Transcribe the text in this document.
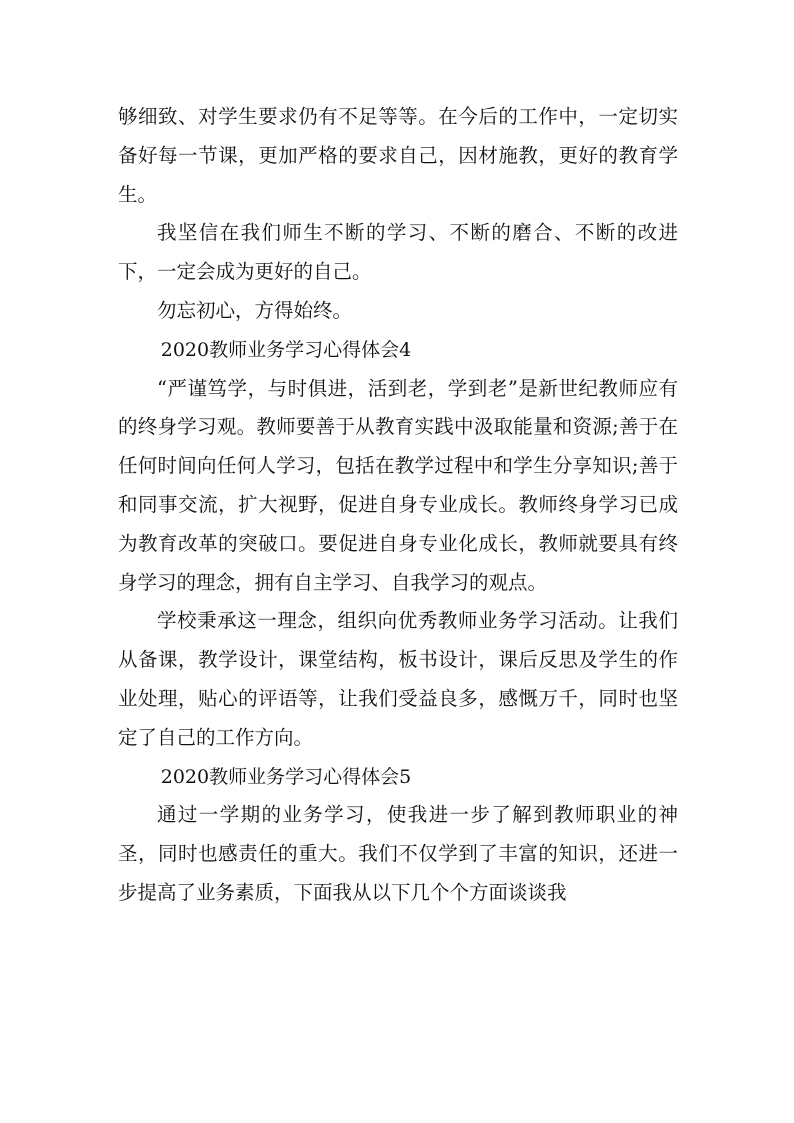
够细致、对学生要求仍有不足等等。在今后的工作中，一定切实备好每一节课，更加严格的要求自己，因材施教，更好的教育学生。

我坚信在我们师生不断的学习、不断的磨合、不断的改进下，一定会成为更好的自己。

勿忘初心，方得始终。

2020教师业务学习心得体会4

“严谨笃学，与时俱进，活到老，学到老”是新世纪教师应有的终身学习观。教师要善于从教育实践中汲取能量和资源;善于在任何时间向任何人学习，包括在教学过程中和学生分享知识;善于和同事交流，扩大视野，促进自身专业成长。教师终身学习已成为教育改革的突破口。要促进自身专业化成长，教师就要具有终身学习的理念，拥有自主学习、自我学习的观点。

学校秉承这一理念，组织向优秀教师业务学习活动。让我们从备课，教学设计，课堂结构，板书设计，课后反思及学生的作业处理，贴心的评语等，让我们受益良多，感慨万千，同时也坚定了自己的工作方向。

2020教师业务学习心得体会5

通过一学期的业务学习，使我进一步了解到教师职业的神圣，同时也感责任的重大。我们不仅学到了丰富的知识，还进一步提高了业务素质，下面我从以下几个个方面谈谈我
